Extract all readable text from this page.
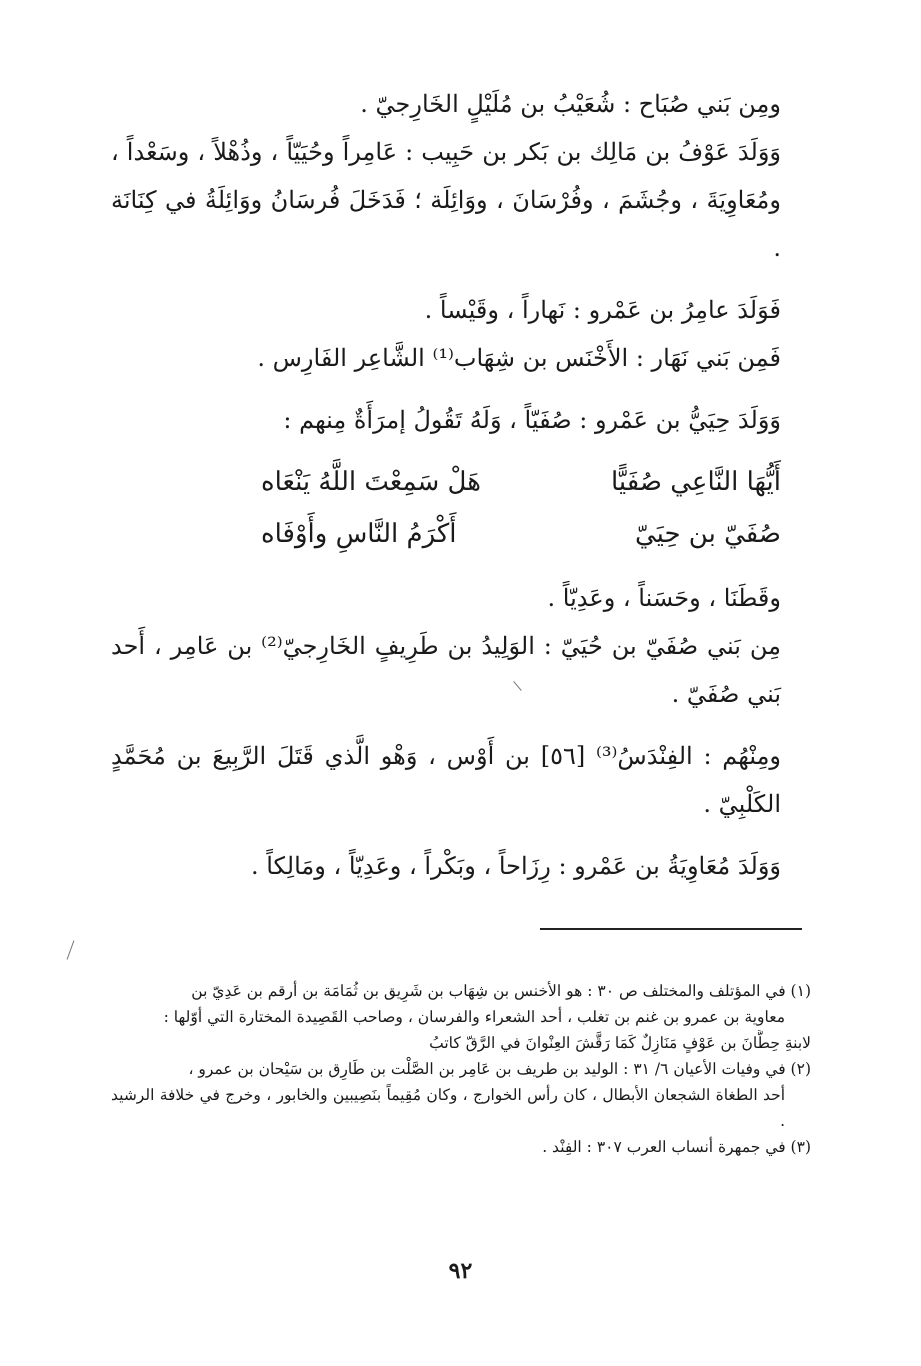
ومِن بَني صُبَاح : شُعَيْبُ بن مُلَيْلٍ الخَارِجيّ .

وَوَلَدَ عَوْفُ بن مَالِك بن بَكر بن حَبِيب : عَامِراً وحُيَيّاً ، وذُهْلاً ، وسَعْداً ، ومُعَاوِيَةَ ، وجُشَمَ ، وفُرْسَانَ ، ووَائِلَة ؛ فَدَخَلَ فُرسَانُ ووَائِلَةُ في كِنَانَة .

فَوَلَدَ عامِرُ بن عَمْرو : نَهاراً ، وقَيْساً .

فَمِن بَني نَهَار : الأَخْنَس بن شِهَاب⁽¹⁾ الشَّاعِر الفَارِس .

وَوَلَدَ حِيَيُّ بن عَمْرو : صُفَيّاً ، وَلَهُ تَقُولُ إمرَأَةٌ مِنهم :

أَيُّهَا النَّاعِي صُفَيًّا
هَلْ سَمِعْتَ اللَّهُ يَنْعَاه
صُفَيّ بن حِيَيّ
أَكْرَمُ النَّاسِ وأَوْفَاه

وقَطَنَا ، وحَسَناً ، وعَدِيّاً .

مِن بَني صُفَيّ بن حُيَيّ : الوَلِيدُ بن طَرِيفٍ الخَارِجيّ⁽²⁾ بن عَامِر ، أَحد بَني صُفَيّ .

ومِنْهُم : الفِنْدَسُ⁽³⁾ [٥٦] بن أَوْس ، وَهْو الَّذي قَتَلَ الرَّبِيعَ بن مُحَمَّدٍ الكَلْبِيّ .

وَوَلَدَ مُعَاوِيَةُ بن عَمْرو : رِزَاحاً ، وبَكْراً ، وعَدِيّاً ، ومَالِكاً .

(١) في المؤتلف والمختلف ص ٣٠ : هو الأخنس بن شِهَاب بن شَرِيق بن ثُمَامَة بن أرقم بن عَدِيّ بن

معاوية بن عمرو بن غنم بن تغلب ، أحد الشعراء والفرسان ، وصاحب القَصِيدة المختارة التي أوّلها :

لابنةِ حِطَّانَ بن عَوْفٍ مَنَازِلٌ كَمَا رَقَّشَ العِنْوانَ في الرَّقّ كاتبُ

(٢) في وفيات الأعيان ٦/ ٣١ : الوليد بن طريف بن عَامِر بن الصَّلْت بن طَارِق بن سَيْحان بن عمرو ،

أحد الطغاة الشجعان الأبطال ، كان رأس الخوارج ، وكان مُقِيماً بنَصِيبين والخابور ، وخرج في خلافة الرشيد .

(٣) في جمهرة أنساب العرب ٣٠٧ : الفِنْد .

٩٢
